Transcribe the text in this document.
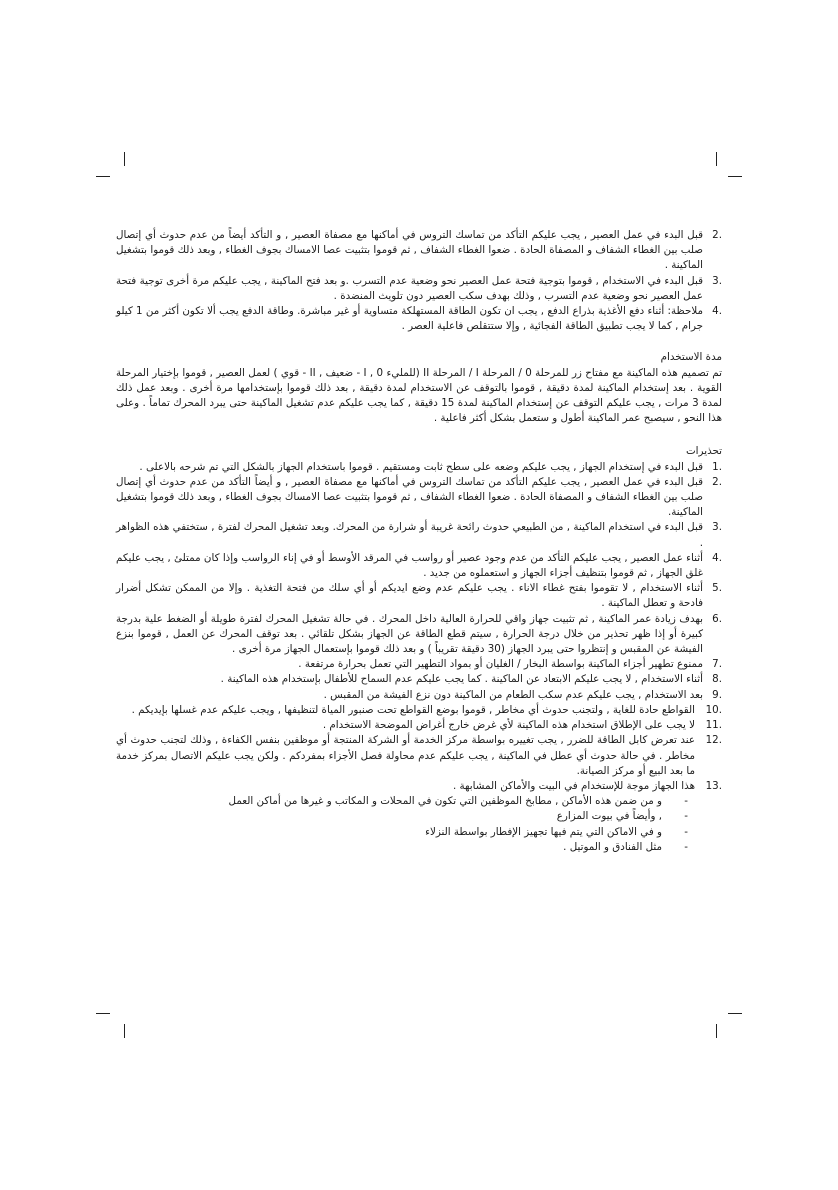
2.
قبل البدء في عمل العصير , يجب عليكم التأكد من تماسك التروس في أماكنها مع مصفاة العصير , و التأكد أيضاً من عدم حدوث أي إتصال صلب بين الغطاء الشفاف و المصفاة الحادة . ضعوا الغطاء الشفاف , ثم قوموا بتثبيت عصا الامساك بجوف الغطاء , وبعد ذلك قوموا بتشغيل الماكينة .
3.
قبل البدء في الاستخدام , قوموا بتوجية فتحة عمل العصير نحو وضعية عدم التسرب .و بعد فتح الماكينة , يجب عليكم مرة أخرى توجية فتحة عمل العصير نحو وضعية عدم التسرب , وذلك بهدف سكب العصير دون تلويث المنضدة .
4.
ملاحظة: أثناء دفع الأغذية بذراع الدفع , يجب ان تكون الطاقة المستهلكة متساوية أو غير مباشرة. وطاقة الدفع يجب ألا تكون أكثر من 1 كيلو جرام , كما لا يجب تطبيق الطاقة الفجائية , وإلا ستتقلص فاعلية العصر .
مدة الاستخدام

تم تصميم هذه الماكينة مع مفتاح زر للمرحلة 0 / المرحلة I / المرحلة II (للمليء 0 , I - ضعيف , II - قوي ) لعمل العصير , قوموا بإختيار المرحلة القوية . بعد إستخدام الماكينة لمدة دقيقة , قوموا بالتوقف عن الاستخدام لمدة دقيقة , بعد ذلك قوموا بإستخدامها مرة أخرى . وبعد عمل ذلك لمدة 3 مرات , يجب عليكم التوقف عن إستخدام الماكينة لمدة 15 دقيقة , كما يجب عليكم عدم تشغيل الماكينة حتى يبرد المحرك تماماً . وعلى هذا النحو , سيصبح عمر الماكينة أطول و ستعمل بشكل أكثر فاعلية .

تحذيرات
1.
قبل البدء في إستخدام الجهاز , يجب عليكم وضعه على سطح ثابت ومستقيم . قوموا باستخدام الجهاز بالشكل التي تم شرحه بالاعلى .
2.
قبل البدء في عمل العصير , يجب عليكم التأكد من تماسك التروس في أماكنها مع مصفاة العصير , و أيضاً التأكد من عدم حدوث أي إتصال صلب بين الغطاء الشفاف و المصفاة الحادة . ضعوا الغطاء الشفاف , ثم قوموا بتثبيت عصا الامساك بجوف الغطاء , وبعد ذلك قوموا بتشغيل الماكينة.
3.
قبل البدء في استخدام الماكينة , من الطبيعي حدوث رائحة غريبة أو شرارة من المحرك. وبعد تشغيل المحرك لفترة , ستختفي هذه الظواهر .
4.
أثناء عمل العصير , يجب عليكم التأكد من عدم وجود عصير أو رواسب في المرقد الأوسط أو في إناء الرواسب وإذا كان ممتلئ , يجب عليكم غلق الجهاز , ثم قوموا بتنظيف أجزاء الجهاز و استعملوه من جديد .
5.
أثناء الاستخدام , لا تقوموا بفتح غطاء الاناء . يجب عليكم عدم وضع ايديكم أو أي سلك من فتحة التغذية . وإلا من الممكن تشكل أضرار فادحة و تعطل الماكينة .
6.
بهدف زيادة عمر الماكينة , ثم تثبيت جهاز واقي للحرارة العالية داخل المحرك . في حالة تشغيل المحرك لفترة طويلة أو الضغط علية بدرجة كبيرة أو إذا ظهر تحذير من خلال درجة الحرارة , سيتم قطع الطاقة عن الجهاز بشكل تلقائي . بعد توقف المحرك عن العمل , قوموا بنزع الفيشة عن المقبس و إنتظروا حتى يبرد الجهاز (30 دقيقة تقريباً ) و بعد ذلك قوموا بإستعمال الجهاز مرة أخرى .
7.
ممنوع تطهير أجزاء الماكينة بواسطة البخار / الغليان أو بمواد التطهير التي تعمل بحرارة مرتفعة .
8.
أثناء الاستخدام , لا يجب عليكم الابتعاد عن الماكينة . كما يجب عليكم عدم السماح للأطفال بإستخدام هذه الماكينة .
9.
بعد الاستخدام , يجب عليكم عدم سكب الطعام من الماكينة دون نزع الفيشة من المقبس .
10.
القواطع حادة للغاية , ولتجنب حدوث أي مخاطر , قوموا بوضع القواطع تحت صنبور المياة لتنظيفها , ويجب عليكم عدم غسلها بإيديكم .
11.
لا يجب على الإطلاق استخدام هذه الماكينة لأي غرض خارج أغراض الموضحة الاستخدام .
12.
عند تعرض كابل الطاقة للضرر , يجب تغييره بواسطة مركز الخدمة أو الشركة المنتجة أو موظفين بنفس الكفاءة , وذلك لتجنب حدوث أي مخاطر . في حالة حدوث أي عطل في الماكينة , يجب عليكم عدم محاولة فصل الأجزاء بمفردكم . ولكن يجب عليكم الاتصال بمركز خدمة ما بعد البيع أو مركز الصيانة.
13.
هذا الجهاز موجة للإستخدام في البيت والأماكن المشابهة .
-
و من ضمن هذه الأماكن , مطابخ الموظفين التي تكون في المحلات و المكاتب و غيرها من أماكن العمل
-
, وأيضاً في بيوت المزارع
-
و في الاماكن التي يتم فيها تجهيز الإفطار بواسطة النزلاء
-
مثل الفنادق و الموتيل .
